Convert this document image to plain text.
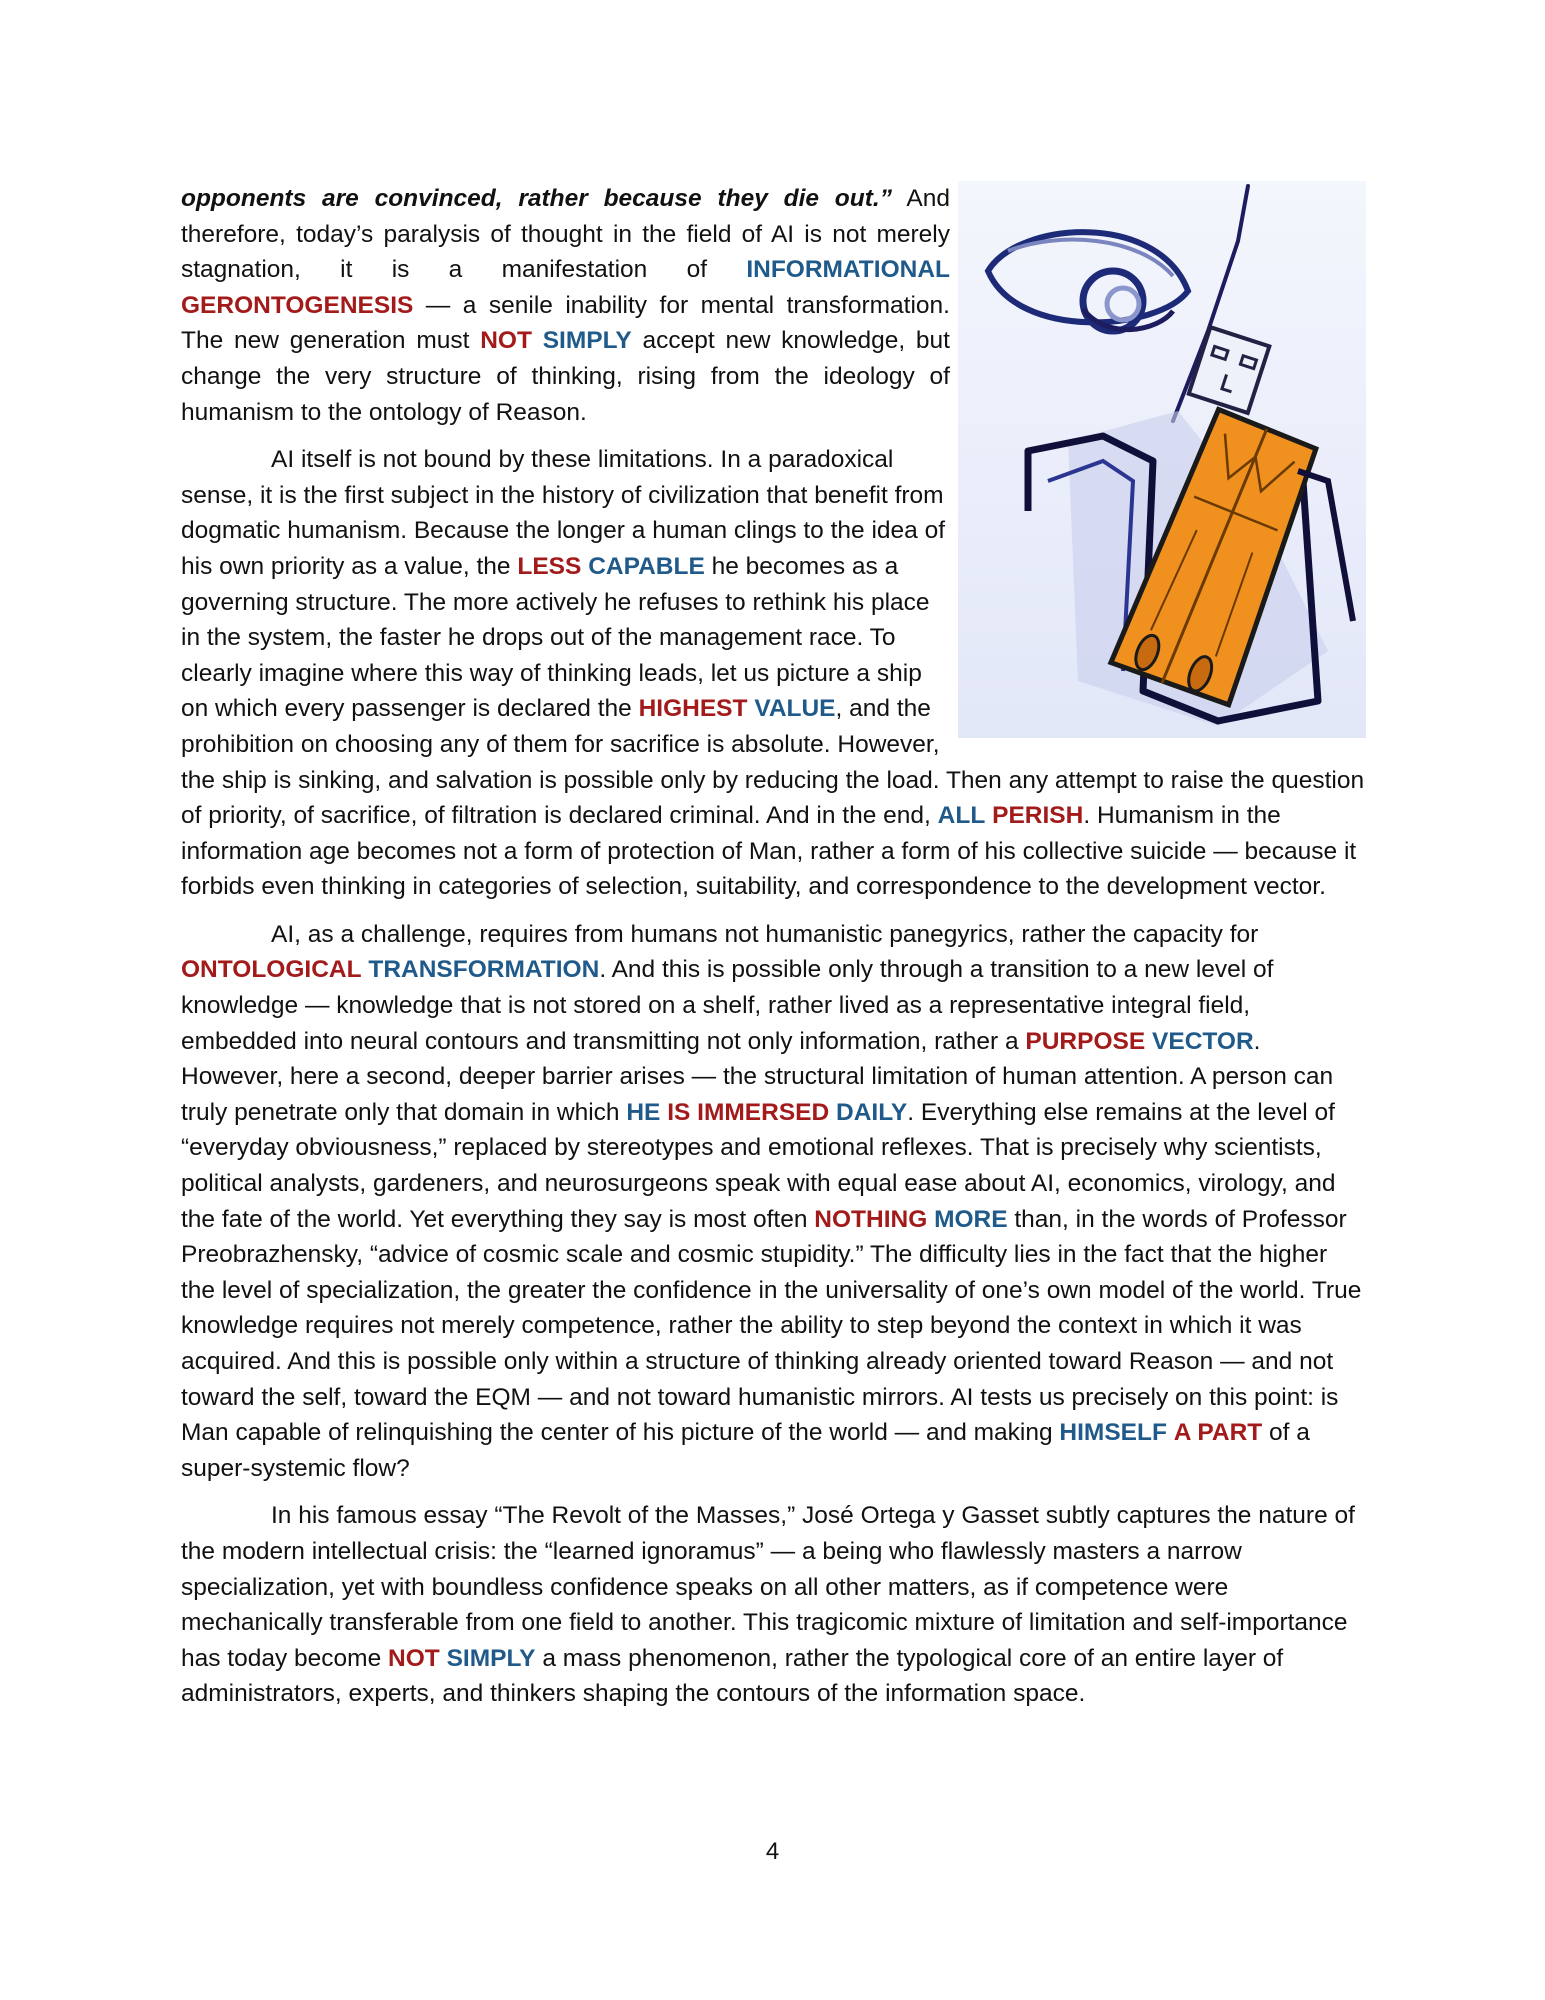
opponents are convinced, rather because they die out.” And therefore, today’s paralysis of thought in the field of AI is not merely stagnation, it is a manifestation of INFORMATIONAL GERONTOGENESIS — a senile inability for mental transformation. The new generation must NOT SIMPLY accept new knowledge, but change the very structure of thinking, rising from the ideology of humanism to the ontology of Reason.

AI itself is not bound by these limitations. In a paradoxical sense, it is the first subject in the history of civilization that benefit from dogmatic humanism. Because the longer a human clings to the idea of his own priority as a value, the LESS CAPABLE he becomes as a governing structure. The more actively he refuses to rethink his place in the system, the faster he drops out of the management race. To clearly imagine where this way of thinking leads, let us picture a ship on which every passenger is declared the HIGHEST VALUE, and the prohibition on choosing any of them for sacrifice is absolute. However, the ship is sinking, and salvation is possible only by reducing the load. Then any attempt to raise the question of priority, of sacrifice, of filtration is declared criminal. And in the end, ALL PERISH. Humanism in the information age becomes not a form of protection of Man, rather a form of his collective suicide — because it forbids even thinking in categories of selection, suitability, and correspondence to the development vector.

AI, as a challenge, requires from humans not humanistic panegyrics, rather the capacity for ONTOLOGICAL TRANSFORMATION. And this is possible only through a transition to a new level of knowledge — knowledge that is not stored on a shelf, rather lived as a representative integral field, embedded into neural contours and transmitting not only information, rather a PURPOSE VECTOR. However, here a second, deeper barrier arises — the structural limitation of human attention. A person can truly penetrate only that domain in which HE IS IMMERSED DAILY. Everything else remains at the level of “everyday obviousness,” replaced by stereotypes and emotional reflexes. That is precisely why scientists, political analysts, gardeners, and neurosurgeons speak with equal ease about AI, economics, virology, and the fate of the world. Yet everything they say is most often NOTHING MORE than, in the words of Professor Preobrazhensky, “advice of cosmic scale and cosmic stupidity.” The difficulty lies in the fact that the higher the level of specialization, the greater the confidence in the universality of one’s own model of the world. True knowledge requires not merely competence, rather the ability to step beyond the context in which it was acquired. And this is possible only within a structure of thinking already oriented toward Reason — and not toward the self, toward the EQM — and not toward humanistic mirrors. AI tests us precisely on this point: is Man capable of relinquishing the center of his picture of the world — and making HIMSELF A PART of a super-systemic flow?

In his famous essay “The Revolt of the Masses,” José Ortega y Gasset subtly captures the nature of the modern intellectual crisis: the “learned ignoramus” — a being who flawlessly masters a narrow specialization, yet with boundless confidence speaks on all other matters, as if competence were mechanically transferable from one field to another. This tragicomic mixture of limitation and self-importance has today become NOT SIMPLY a mass phenomenon, rather the typological core of an entire layer of administrators, experts, and thinkers shaping the contours of the information space.

4
